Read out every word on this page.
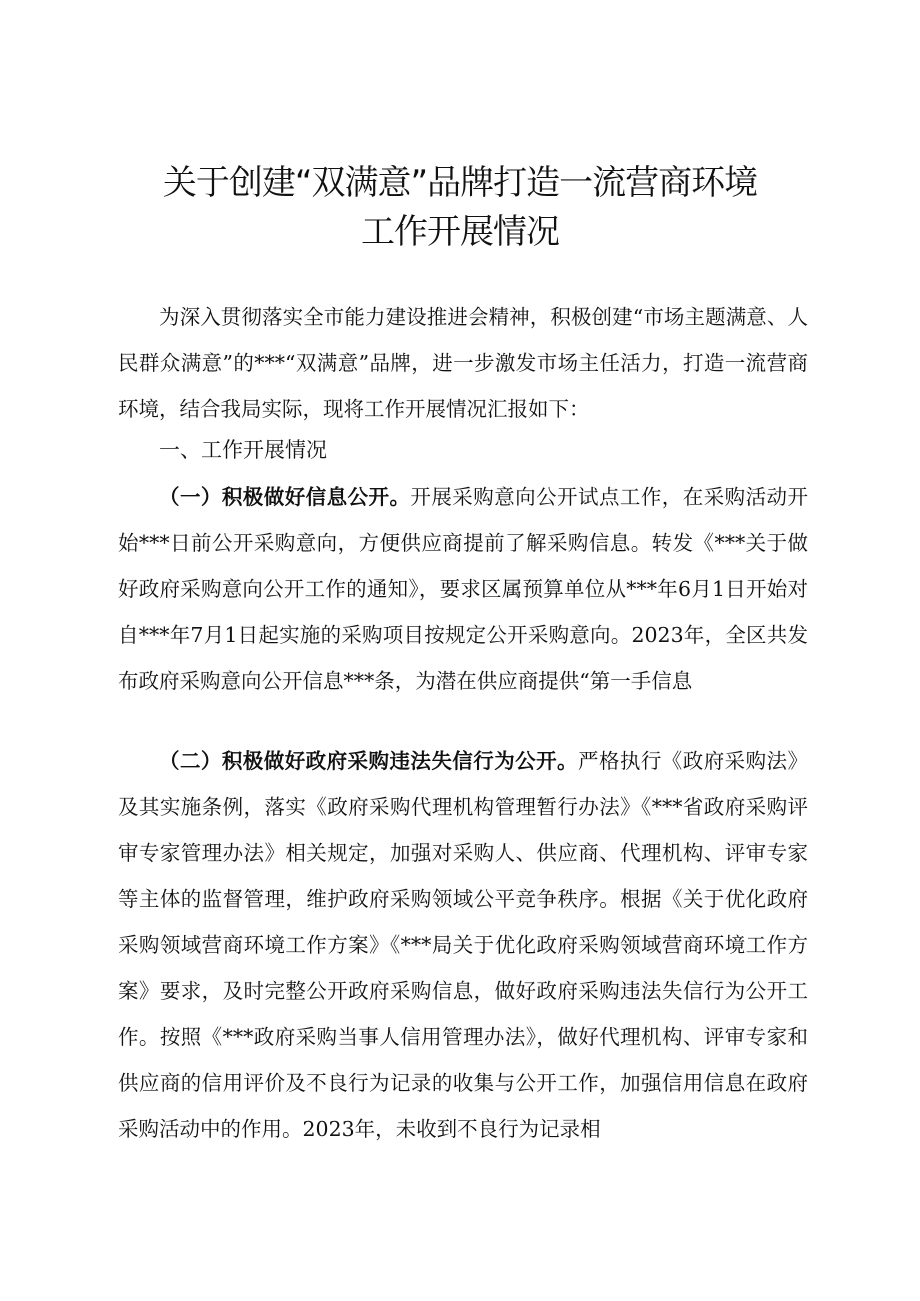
关于创建“双满意”品牌打造一流营商环境
工作开展情况
为深入贯彻落实全市能力建设推进会精神，积极创建“市场主题满意、人民群众满意”的***“双满意”品牌，进一步激发市场主任活力，打造一流营商环境，结合我局实际，现将工作开展情况汇报如下：
一、工作开展情况
（一）积极做好信息公开。开展采购意向公开试点工作，在采购活动开始***日前公开采购意向，方便供应商提前了解采购信息。转发《***关于做好政府采购意向公开工作的通知》，要求区属预算单位从***年6月1日开始对自***年7月1日起实施的采购项目按规定公开采购意向。2023年，全区共发布政府采购意向公开信息***条，为潜在供应商提供“第一手信息
（二）积极做好政府采购违法失信行为公开。严格执行《政府采购法》及其实施条例，落实《政府采购代理机构管理暂行办法》《***省政府采购评审专家管理办法》相关规定，加强对采购人、供应商、代理机构、评审专家等主体的监督管理，维护政府采购领域公平竞争秩序。根据《关于优化政府采购领域营商环境工作方案》《***局关于优化政府采购领域营商环境工作方案》要求，及时完整公开政府采购信息，做好政府采购违法失信行为公开工作。按照《***政府采购当事人信用管理办法》，做好代理机构、评审专家和供应商的信用评价及不良行为记录的收集与公开工作，加强信用信息在政府采购活动中的作用。2023年，未收到不良行为记录相
